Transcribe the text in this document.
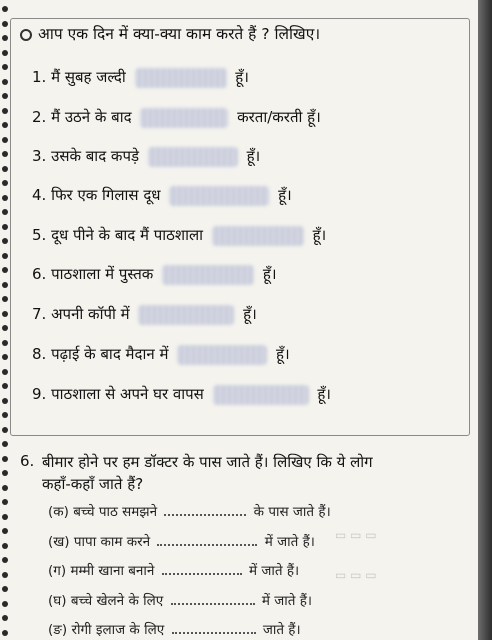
आप एक दिन में क्या-क्या काम करते हैं ? लिखिए।
1. मैं सुबह जल्दी	हूँ।
2. मैं उठने के बाद	करता/करती हूँ।
3. उसके बाद कपड़े	हूँ।
4. फिर एक गिलास दूध	हूँ।
5. दूध पीने के बाद मैं पाठशाला	हूँ।
6. पाठशाला में पुस्तक	हूँ।
7. अपनी कॉपी में	हूँ।
8. पढ़ाई के बाद मैदान में	हूँ।
9. पाठशाला से अपने घर वापस	हूँ।
▭ ▭ ▭
▭ ▭ ▭
6. बीमार होने पर हम डॉक्टर के पास जाते हैं। लिखिए कि ये लोग
कहाँ-कहाँ जाते हैं?
(क) बच्चे पाठ समझने	के पास जाते हैं।
(ख) पापा काम करने	में जाते हैं।
(ग) मम्मी खाना बनाने	में जाते हैं।
(घ) बच्चे खेलने के लिए	में जाते हैं।
(ङ) रोगी इलाज के लिए	जाते हैं।
